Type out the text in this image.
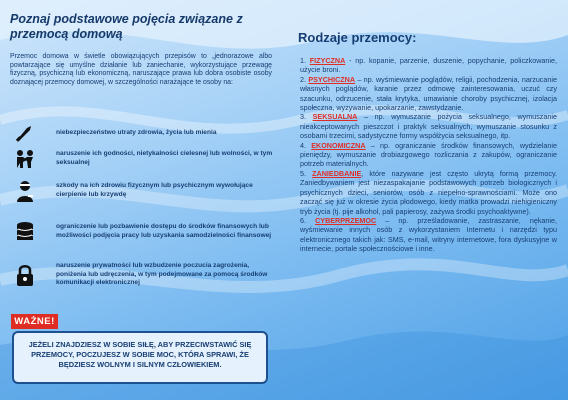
Poznaj podstawowe pojęcia związane z przemocą domową

Przemoc domowa w świetle obowiązujących przepisów to „jednorazowe albo powtarzające się umyślne działanie lub zaniechanie, wykorzystujące przewagę fizyczną, psychiczną lub ekonomiczną, naruszające prawa lub dobra osobiste osoby doznającej przemocy domowej, w szczególności narażające te osoby na:

niebezpieczeństwo utraty zdrowia, życia lub mienia
naruszenie ich godności, nietykalności cielesnej lub wolności, w tym seksualnej
szkody na ich zdrowiu fizycznym lub psychicznym wywołujące cierpienie lub krzywdę
ograniczenie lub pozbawienie dostępu do środków finansowych lub możliwości podjęcia pracy lub uzyskania samodzielności finansowej
naruszenie prywatności lub wzbudzenie poczucia zagrożenia, poniżenia lub udręczenia, w tym podejmowane za pomocą środków komunikacji elektronicznej
WAŻNE!
JEŻELI ZNAJDZIESZ W SOBIE SIŁĘ, ABY PRZECIWSTAWIĆ SIĘ PRZEMOCY, POCZUJESZ W SOBIE MOC, KTÓRA SPRAWI, ŻE BĘDZIESZ WOLNYM I SILNYM CZŁOWIEKIEM.
Rodzaje przemocy:
1. FIZYCZNA - np. kopanie, parzenie, duszenie, popychanie, policzkowanie, użycie broni.
2. PSYCHICZNA – np. wyśmiewanie poglądów, religii, pochodzenia, narzucanie własnych poglądów, karanie przez odmowę zainteresowania, uczuć czy szacunku, odrzucenie, stała krytyka, umawianie choroby psychicznej, izolacja społeczna, wyzywanie, upokarzanie, zawstydzanie.
3. SEKSUALNA – np. wymuszanie pożycia seksualnego, wymuszanie nieakceptowanych pieszczot i praktyk seksualnych, wymuszanie stosunku z osobami trzecimi, sadystyczne formy współżycia seksualnego, itp.
4. EKONOMICZNA – np. ograniczanie środków finansowych, wydzielanie pieniędzy, wymuszanie drobiazgowego rozliczania z zakupów, ograniczanie potrzeb materialnych.
5. ZANIEDBANIE, które nazywane jest często ukrytą formą przemocy. Zaniedbywaniem jest niezaspakajanie podstawowych potrzeb biologicznych i psychicznych dzieci, seniorów, osób z niepełno-sprawnościami. Może ono zacząć się już w okresie życia płodowego, kiedy matka prowadzi niehigieniczny tryb życia (tj. pije alkohol, pali papierosy, zażywa środki psychoaktywne).
6. CYBERPRZEMOC – np. prześladowanie, zastraszanie, nękanie, wyśmiewanie innych osób z wykorzystaniem Internetu i narzędzi typu elektronicznego takich jak: SMS, e-mail, witryny internetowe, fora dyskusyjne w internecie, portale społecznościowe i inne.
